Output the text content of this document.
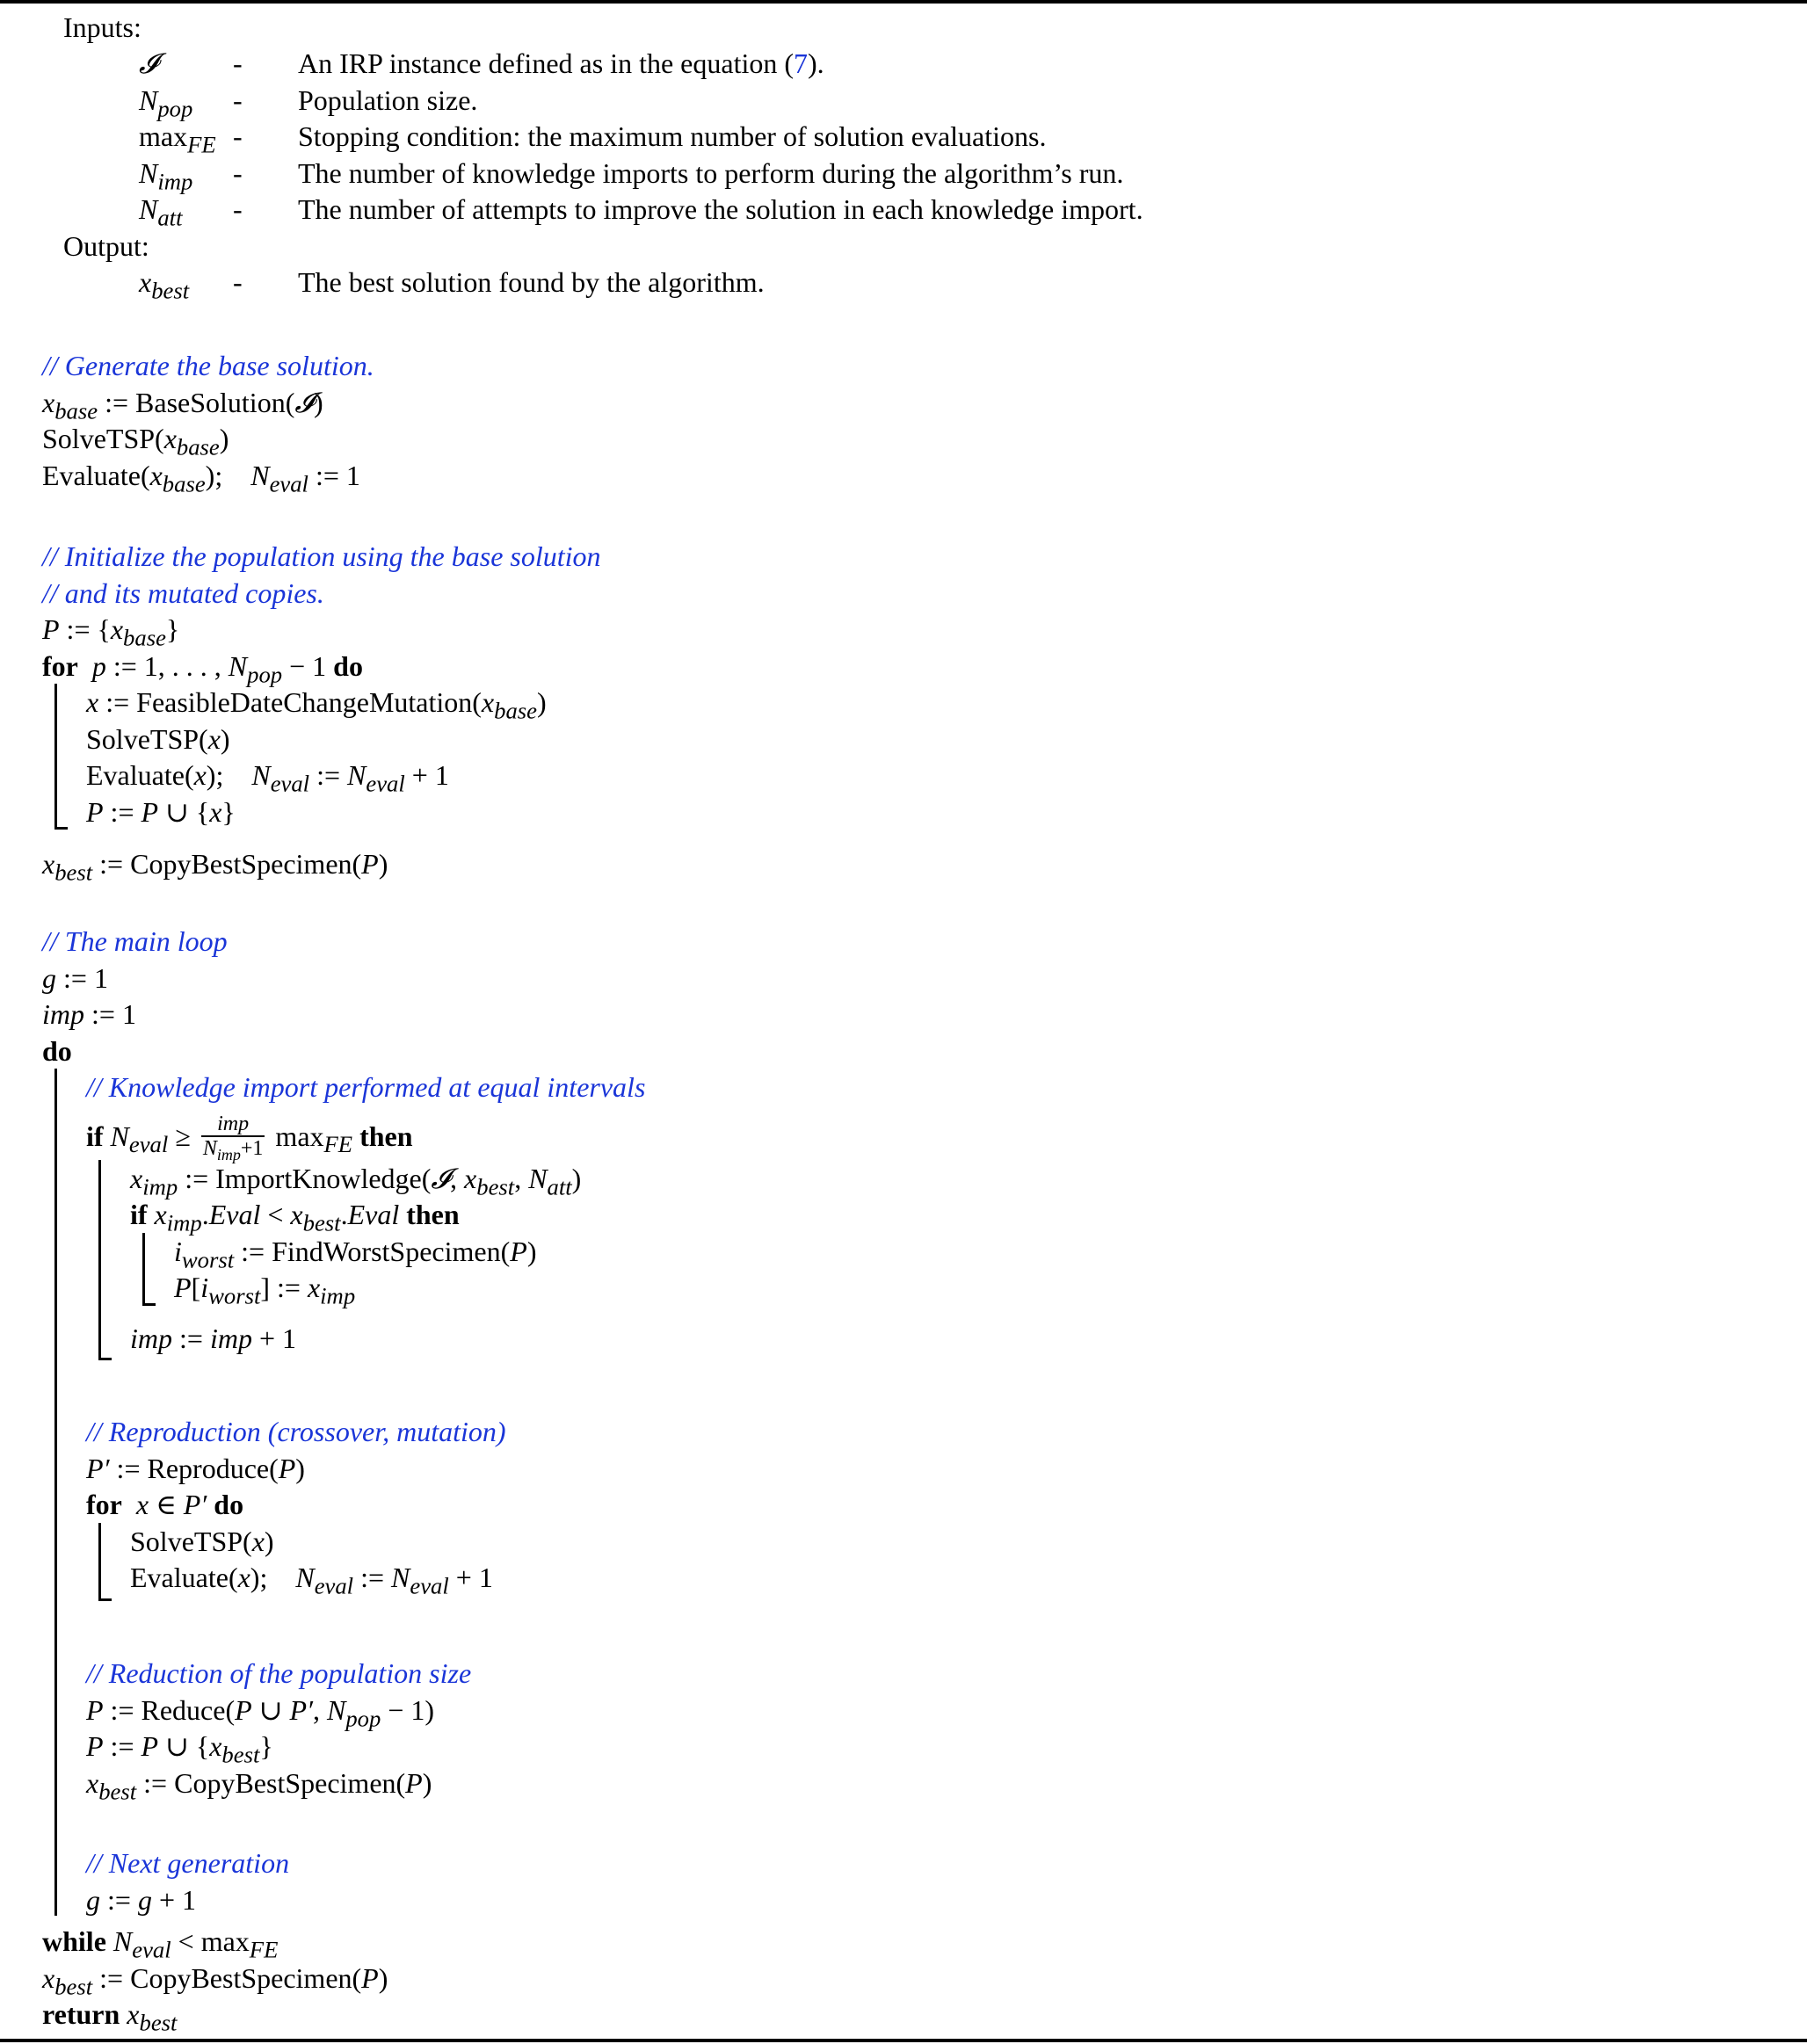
Inputs:
𝓘	- An IRP instance defined as in the equation (7).
$N_{pop}$ - Population size.
$\max_{FE}$ - Stopping condition: the maximum number of solution evaluations.
$N_{imp}$ - The number of knowledge imports to perform during the algorithm’s run.
$N_{att}$ - The number of attempts to improve the solution in each knowledge import.
Output:
$x_{best}$ - The best solution found by the algorithm.
// Generate the base solution.
$x_{base}$ := BaseSolution(𝓘)
$SolveTSP(x_{base})$
$Evaluate(x_{base})$;    $N_{eval}$ := 1
// Initialize the population using the base solution
// and its mutated copies.
P := $\{x_{base}\}$
for p := 1, . . . , $N_{pop} - 1$ do
x := $FeasibleDateChangeMutation(x_{base})$
SolveTSP(x)
Evaluate(x);    $N_{eval}$ := $N_{eval} + 1$
P := P ∪ {x}
$x_{best}$ := CopyBestSpecimen(P)
// The main loop
g := 1
imp := 1
do
// Knowledge import performed at equal intervals
if $N_{eval} \ge \frac{\text{imp}}{N_{imp}+1} \max_{FE}$ then
$x_{imp}$ := ImportKnowledge(𝓘, $x_{best}$, $N_{att}$)
if $x_{imp}.Eval$ < $x_{best}.Eval$ then
$i_{worst}$ := FindWorstSpecimen(P)
$P[i_{worst}]$ := $x_{imp}$
imp := imp + 1
// Reproduction (crossover, mutation)
P′ := Reproduce(P)
for x ∈ P′ do
SolveTSP(x)
Evaluate(x);    $N_{eval}$ := $N_{eval} + 1$
// Reduction of the population size
P := Reduce(P ∪ P′, $N_{pop} - 1$)
P := P ∪ $\{x_{best}\}$
$x_{best}$ := CopyBestSpecimen(P)
// Next generation
g := g + 1
while $N_{eval} < \max_{FE}$
$x_{best}$ := CopyBestSpecimen(P)
return $x_{best}$
